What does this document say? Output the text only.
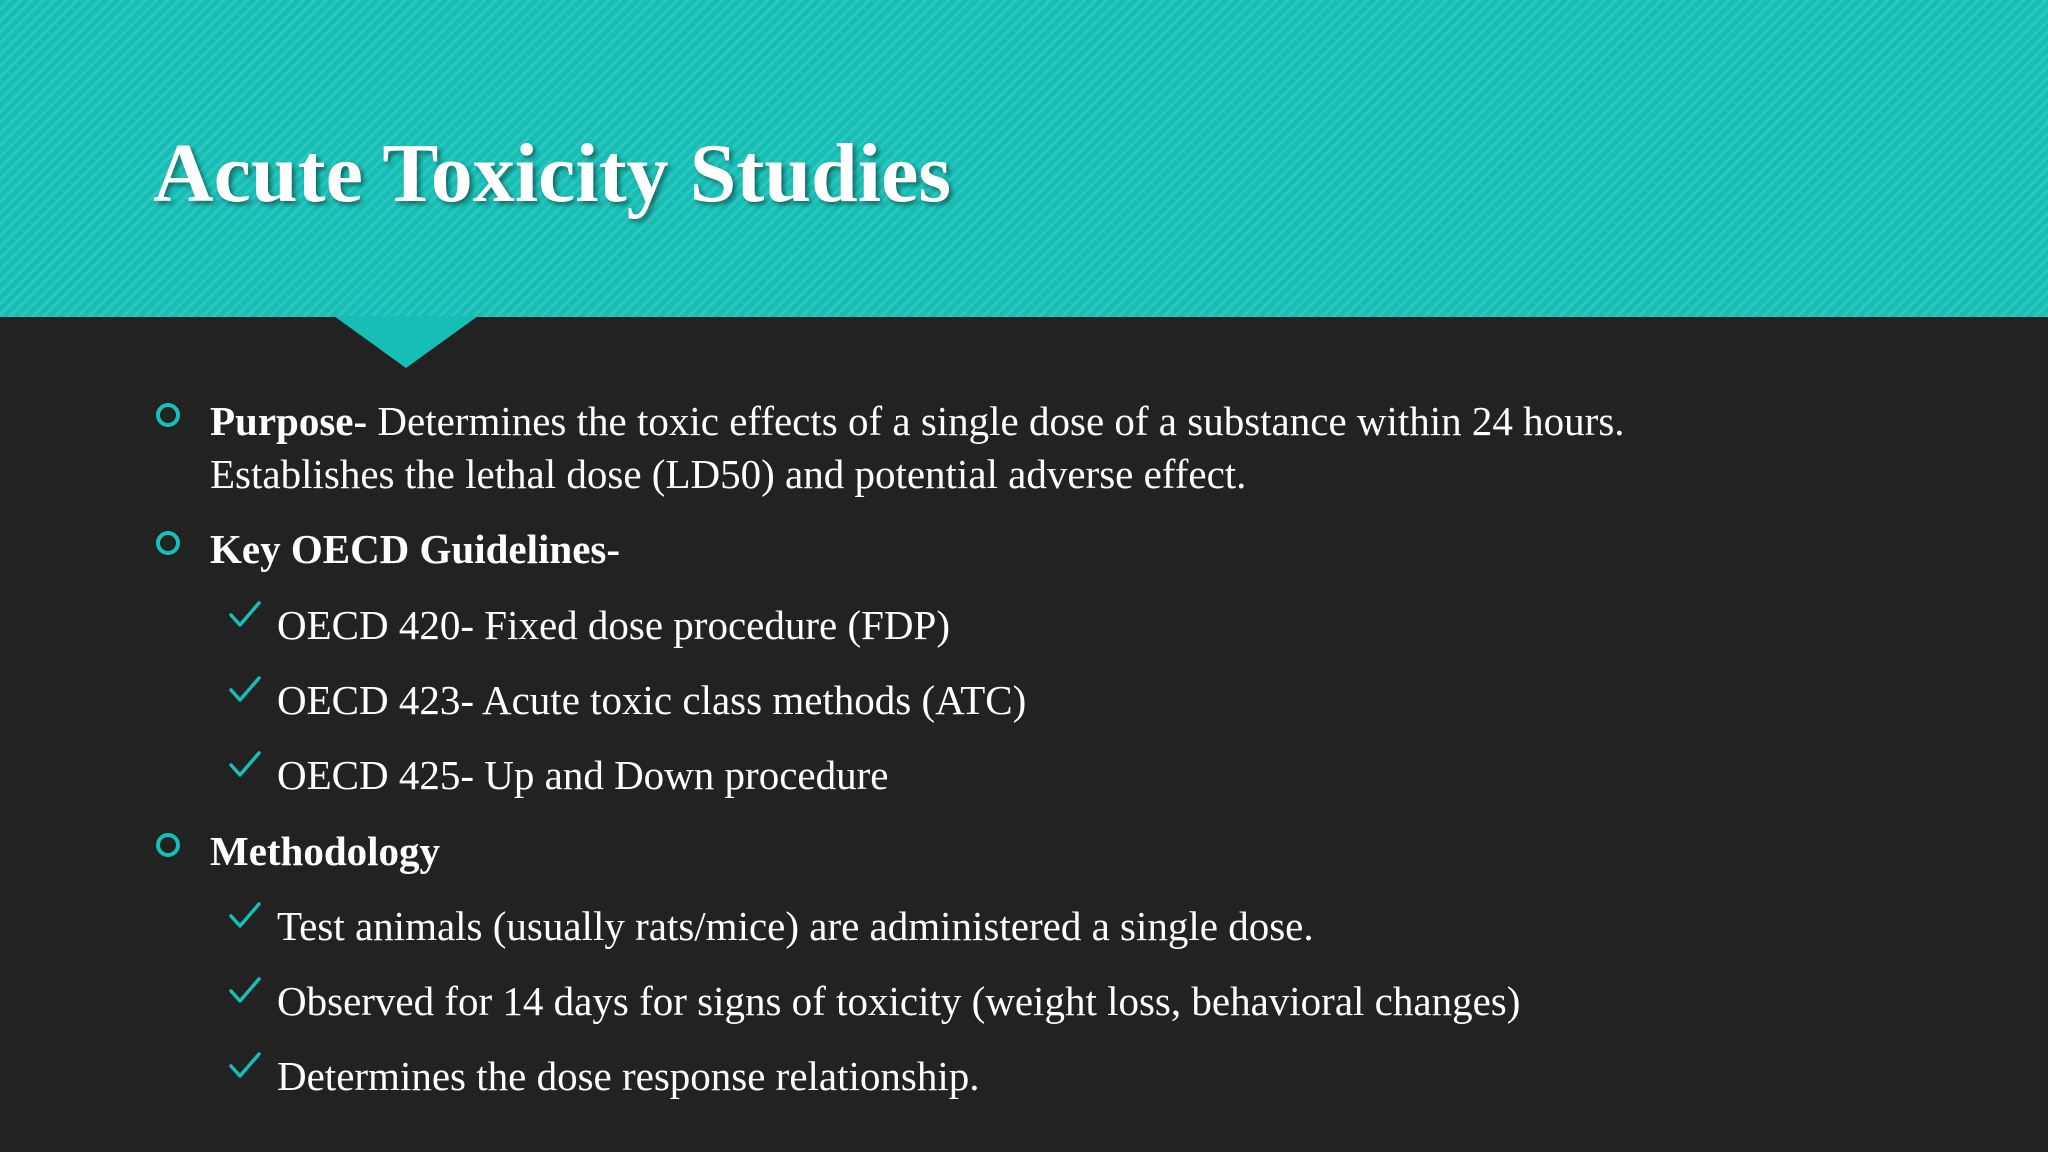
Acute Toxicity Studies
Purpose- Determines the toxic effects of a single dose of a substance within 24 hours.
Establishes the lethal dose (LD50) and potential adverse effect.
Key OECD Guidelines-
OECD 420- Fixed dose procedure (FDP)
OECD 423- Acute toxic class methods (ATC)
OECD 425- Up and Down procedure
Methodology
Test animals (usually rats/mice) are administered a single dose.
Observed for 14 days for signs of toxicity (weight loss, behavioral changes)
Determines the dose response relationship.
